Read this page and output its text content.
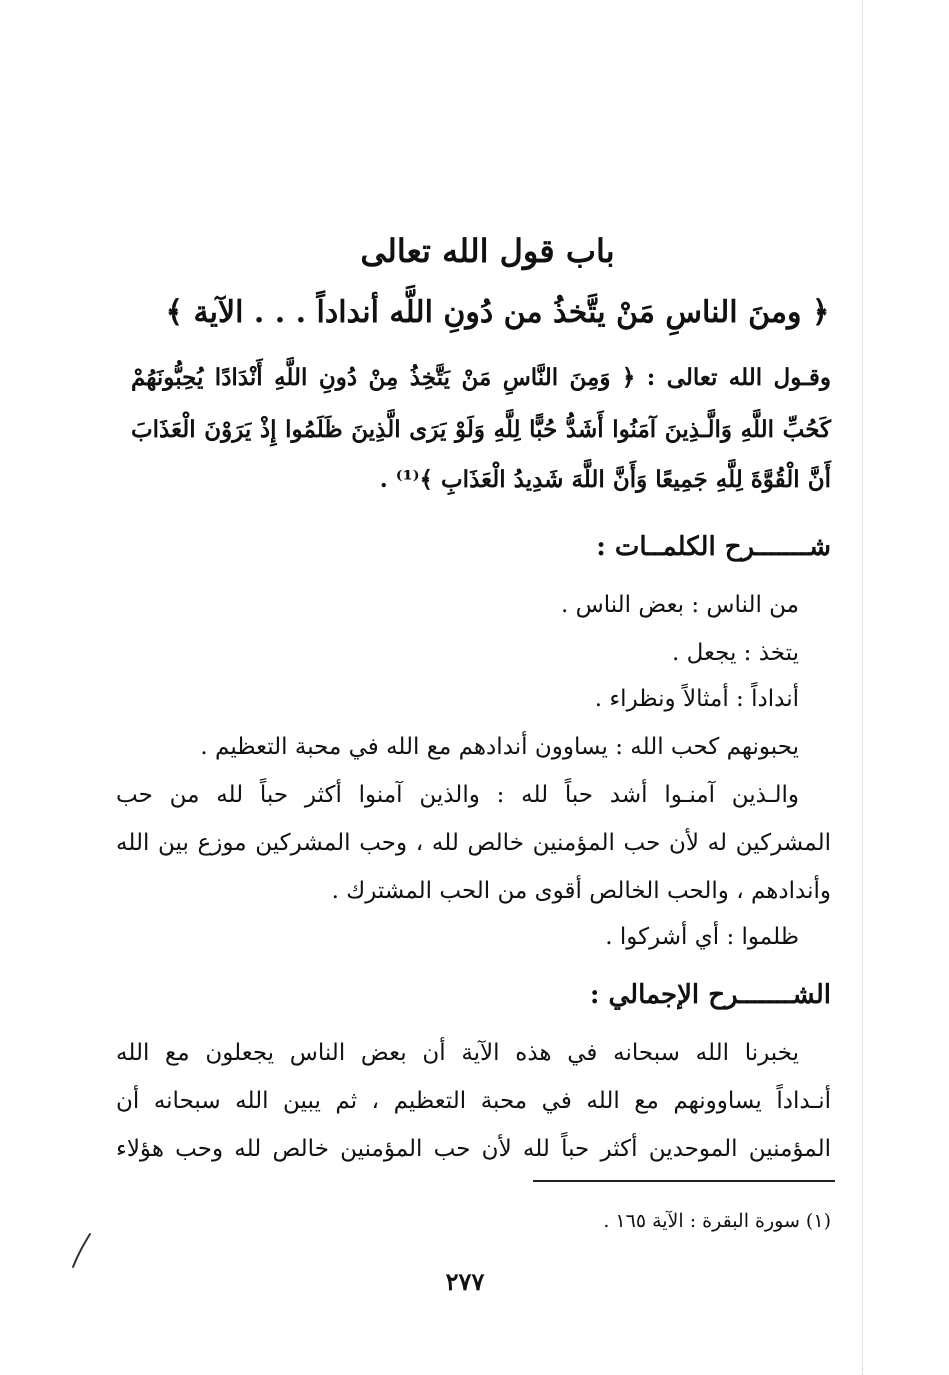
باب قول الله تعالى
﴿ ومنَ الناسِ مَنْ يتَّخذُ من دُونِ اللَّه أنداداً . . . الآية ﴾
وقـول الله تعالى : ﴿ وَمِنَ النَّاسِ مَنْ يَتَّخِذُ مِنْ دُونِ اللَّهِ أَنْدَادًا يُحِبُّونَهُمْ
كَحُبِّ اللَّهِ وَالَّـذِينَ آمَنُوا أَشَدُّ حُبًّا لِلَّهِ وَلَوْ يَرَى الَّذِينَ ظَلَمُوا إِذْ يَرَوْنَ الْعَذَابَ
أَنَّ الْقُوَّةَ لِلَّهِ جَمِيعًا وَأَنَّ اللَّهَ شَدِيدُ الْعَذَابِ ﴾⁽¹⁾ .
شـــــــرح الكلمــات :
من الناس : بعض الناس .
يتخذ : يجعل .
أنداداً : أمثالاً ونظراء .
يحبونهم كحب الله : يساوون أندادهم مع الله في محبة التعظيم .
والـذين آمنـوا أشد حباً لله : والذين آمنوا أكثر حباً لله من حب
المشركين له لأن حب المؤمنين خالص لله ، وحب المشركين موزع بين الله
وأندادهم ، والحب الخالص أقوى من الحب المشترك .
ظلموا : أي أشركوا .
الشـــــــرح الإجمالي :
يخبرنا الله سبحانه في هذه الآية أن بعض الناس يجعلون مع الله
أنـداداً يساوونهم مع الله في محبة التعظيم ، ثم يبين الله سبحانه أن
المؤمنين الموحدين أكثر حباً لله لأن حب المؤمنين خالص لله وحب هؤلاء
(١) سورة البقرة : الآية ١٦٥ .
٢٧٧
